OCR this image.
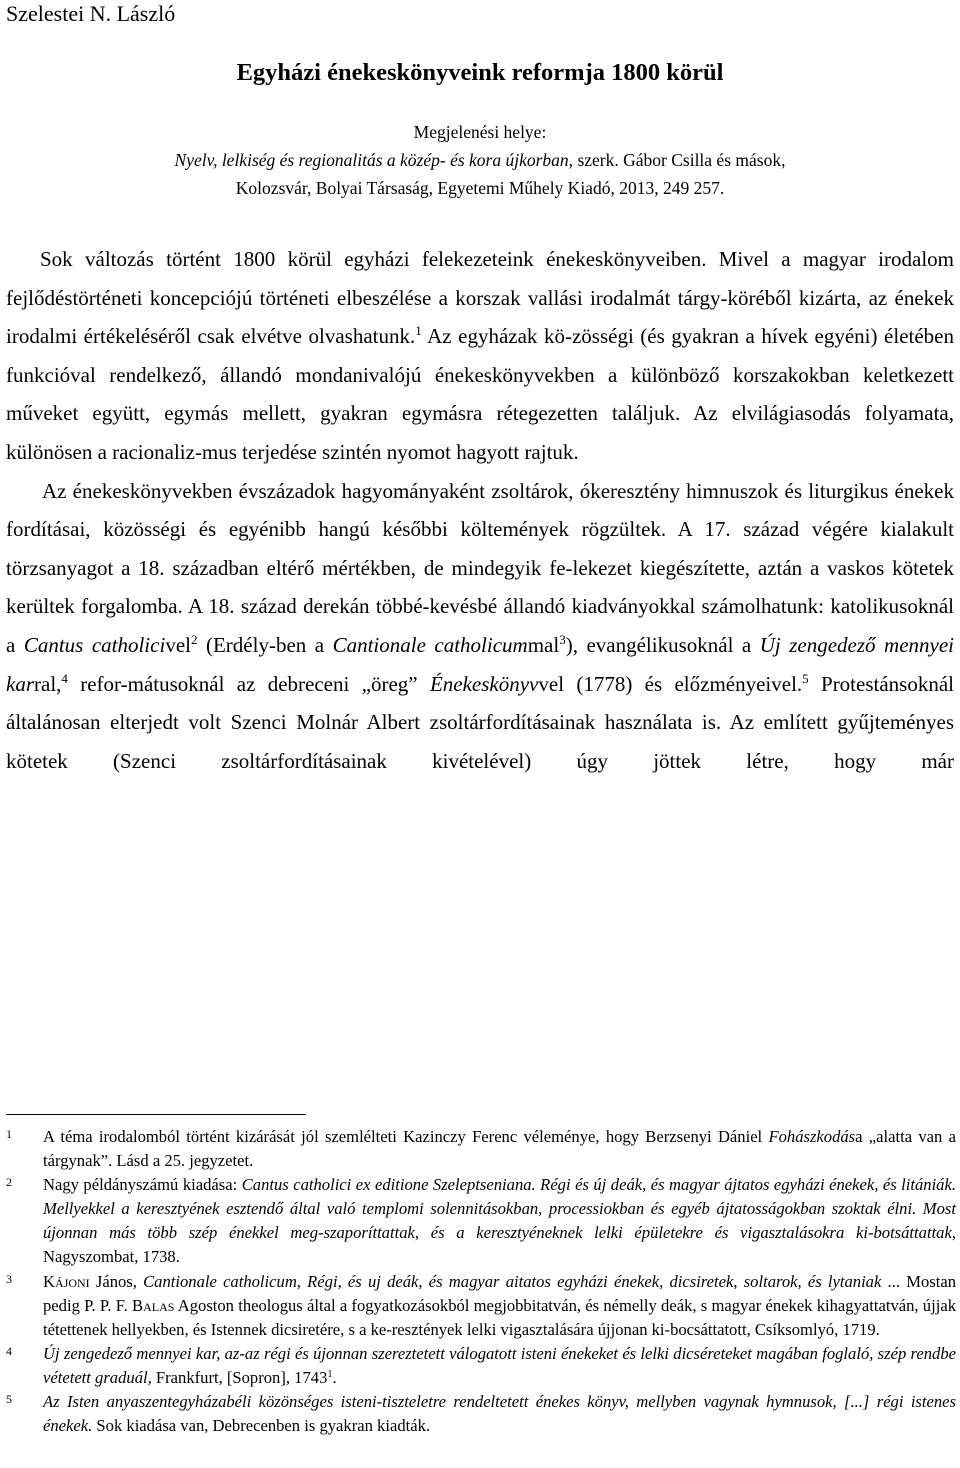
Szelestei N. László
Egyházi énekeskönyveink reformja 1800 körül
Megjelenési helye:
Nyelv, lelkiség és regionalitás a közép- és kora újkorban, szerk. Gábor Csilla és mások,
Kolozsvár, Bolyai Társaság, Egyetemi Műhely Kiadó, 2013, 249 257.

Sok változás történt 1800 körül egyházi felekezeteink énekeskönyveiben. Mivel a magyar irodalom fejlődéstörténeti koncepciójú történeti elbeszélése a korszak vallási irodalmát tárgy-köréből kizárta, az énekek irodalmi értékeléséről csak elvétve olvashatunk.$^1$ Az egyházak kö-zösségi (és gyakran a hívek egyéni) életében funkcióval rendelkező, állandó mondanivalójú énekeskönyvekben a különböző korszakokban keletkezett műveket együtt, egymás mellett, gyakran egymásra rétegezetten találjuk. Az elvilágiasodás folyamata, különösen a racionaliz-mus terjedése szintén nyomot hagyott rajtuk.

Az énekeskönyvekben évszázadok hagyományaként zsoltárok, ókeresztény himnuszok és liturgikus énekek fordításai, közösségi és egyénibb hangú későbbi költemények rögzültek. A 17. század végére kialakult törzsanyagot a 18. században eltérő mértékben, de mindegyik fe-lekezet kiegészítette, aztán a vaskos kötetek kerültek forgalomba. A 18. század derekán többé-kevésbé állandó kiadványokkal számolhatunk: katolikusoknál a Cantus catholicivel$^2$ (Erdély-ben a Cantionale catholicummal$^3$), evangélikusoknál a Új zengedező mennyei karral,$^4$ refor-mátusoknál az debreceni „öreg” Énekeskönyvvel (1778) és előzményeivel.$^5$ Protestánsoknál általánosan elterjedt volt Szenci Molnár Albert zsoltárfordításainak használata is. Az említett gyűjteményes kötetek (Szenci zsoltárfordításainak kivételével) úgy jöttek létre, hogy már

1 A téma irodalomból történt kizárását jól szemlélteti Kazinczy Ferenc véleménye, hogy Berzsenyi Dániel Fohászkodása „alatta van a tárgynak”. Lásd a 25. jegyzetet.
2 Nagy példányszámú kiadása: Cantus catholici ex editione Szeleptseniana. Régi és új deák, és magyar ájtatos egyházi énekek, és litániák. Mellyekkel a keresztyének esztendő által való templomi solennitásokban, processiokban és egyéb ájtatosságokban szoktak élni. Most újonnan más több szép énekkel meg-szaporíttattak, és a keresztyéneknek lelki épületekre és vigasztalásokra ki-botsáttattak, Nagyszombat, 1738.
3 Kájoni János, Cantionale catholicum, Régi, és uj deák, és magyar aitatos egyházi énekek, dicsiretek, soltarok, és lytaniak ... Mostan pedig P. P. F. Balas Agoston theologus által a fogyatkozásokból megjobbitatván, és némelly deák, s magyar énekek kihagyattatván, újjak tétettenek hellyekben, és Istennek dicsiretére, s a ke-resztények lelki vigasztalására újjonan ki-bocsáttatott, Csíksomlyó, 1719.
4 Új zengedező mennyei kar, az-az régi és újonnan szereztetett válogatott isteni énekeket és lelki dicséreteket magában foglaló, szép rendbe vétetett graduál, Frankfurt, [Sopron], 1743$^1$.
5 Az Isten anyaszentegyházabéli közönséges isteni-tiszteletre rendeltetett énekes könyv, mellyben vagynak hymnusok, [...] régi istenes énekek. Sok kiadása van, Debrecenben is gyakran kiadták.
